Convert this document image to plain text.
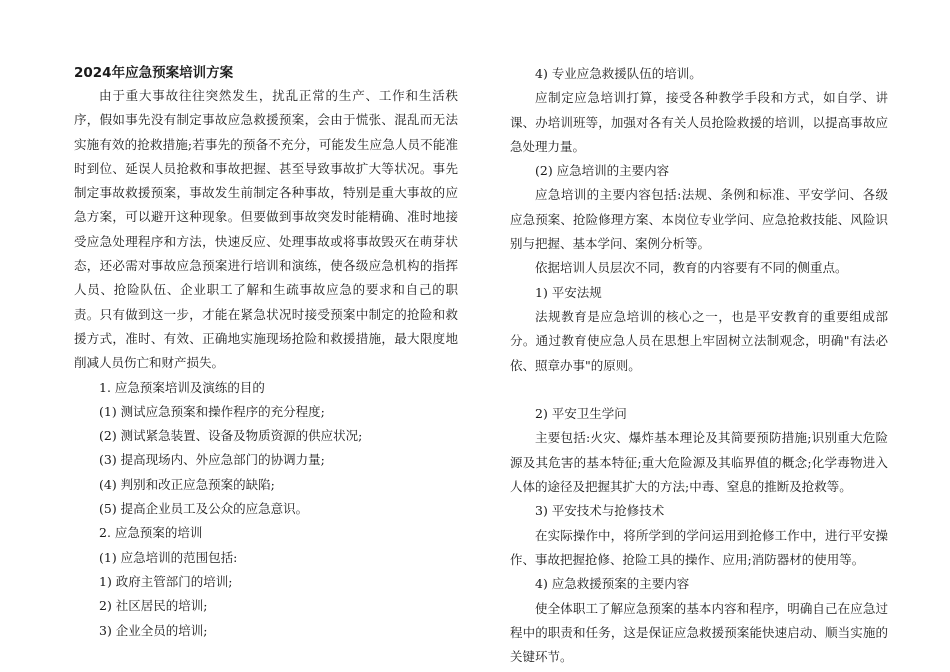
2024年应急预案培训方案

由于重大事故往往突然发生，扰乱正常的生产、工作和生活秩序，假如事先没有制定事故应急救援预案，会由于慌张、混乱而无法实施有效的抢救措施;若事先的预备不充分，可能发生应急人员不能准时到位、延误人员抢救和事故把握、甚至导致事故扩大等状况。事先制定事故救援预案，事故发生前制定各种事故，特别是重大事故的应急方案，可以避开这种现象。但要做到事故突发时能精确、准时地接受应急处理程序和方法，快速反应、处理事故或将事故毁灭在萌芽状态，还必需对事故应急预案进行培训和演练，使各级应急机构的指挥人员、抢险队伍、企业职工了解和生疏事故应急的要求和自己的职责。只有做到这一步，才能在紧急状况时接受预案中制定的抢险和救援方式，准时、有效、正确地实施现场抢险和救援措施，最大限度地削减人员伤亡和财产损失。

1. 应急预案培训及演练的目的

(1) 测试应急预案和操作程序的充分程度;

(2) 测试紧急装置、设备及物质资源的供应状况;

(3) 提高现场内、外应急部门的协调力量;

(4) 判别和改正应急预案的缺陷;

(5) 提高企业员工及公众的应急意识。

2. 应急预案的培训

(1) 应急培训的范围包括:

1) 政府主管部门的培训;

2) 社区居民的培训;

3) 企业全员的培训;

4) 专业应急救援队伍的培训。

应制定应急培训打算，接受各种教学手段和方式，如自学、讲课、办培训班等，加强对各有关人员抢险救援的培训，以提高事故应急处理力量。

(2) 应急培训的主要内容

应急培训的主要内容包括:法规、条例和标准、平安学问、各级应急预案、抢险修理方案、本岗位专业学问、应急抢救技能、风险识别与把握、基本学问、案例分析等。

依据培训人员层次不同，教育的内容要有不同的侧重点。

1) 平安法规

法规教育是应急培训的核心之一，也是平安教育的重要组成部分。通过教育使应急人员在思想上牢固树立法制观念，明确"有法必依、照章办事"的原则。

2) 平安卫生学问

主要包括:火灾、爆炸基本理论及其简要预防措施;识别重大危险源及其危害的基本特征;重大危险源及其临界值的概念;化学毒物进入人体的途径及把握其扩大的方法;中毒、窒息的推断及抢救等。

3) 平安技术与抢修技术

在实际操作中，将所学到的学问运用到抢修工作中，进行平安操作、事故把握抢修、抢险工具的操作、应用;消防器材的使用等。

4) 应急救援预案的主要内容

使全体职工了解应急预案的基本内容和程序，明确自己在应急过程中的职责和任务，这是保证应急救援预案能快速启动、顺当实施的关键环节。
